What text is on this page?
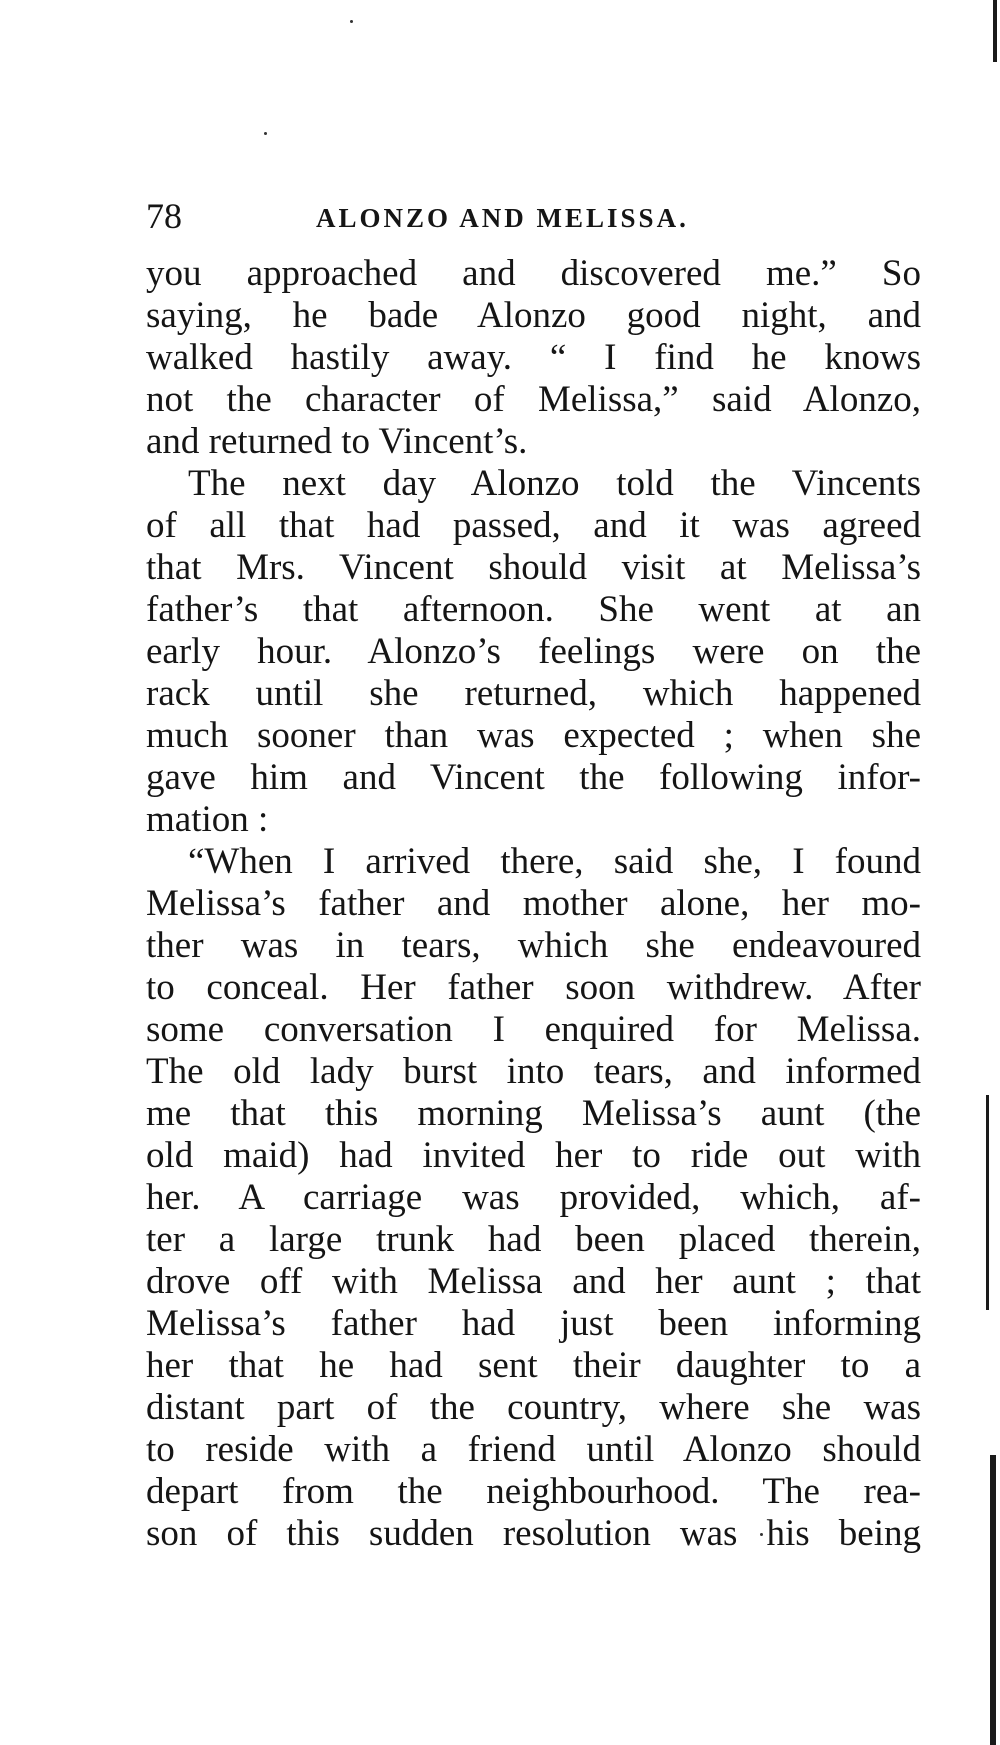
78	ALONZO AND MELISSA.
you approached and discovered me.” So
saying, he bade Alonzo good night, and
walked hastily away. “ I find he knows
not the character of Melissa,” said Alonzo,
and returned to Vincent’s.
The next day Alonzo told the Vincents
of all that had passed, and it was agreed
that Mrs. Vincent should visit at Melissa’s
father’s that afternoon. She went at an
early hour. Alonzo’s feelings were on the
rack until she returned, which happened
much sooner than was expected ; when she
gave him and Vincent the following infor-
mation :
“When I arrived there, said she, I found
Melissa’s father and mother alone, her mo-
ther was in tears, which she endeavoured
to conceal. Her father soon withdrew. After
some conversation I enquired for Melissa.
The old lady burst into tears, and informed
me that this morning Melissa’s aunt (the
old maid) had invited her to ride out with
her. A carriage was provided, which, af-
ter a large trunk had been placed therein,
drove off with Melissa and her aunt ; that
Melissa’s father had just been informing
her that he had sent their daughter to a
distant part of the country, where she was
to reside with a friend until Alonzo should
depart from the neighbourhood. The rea-
son of this sudden resolution was his being
